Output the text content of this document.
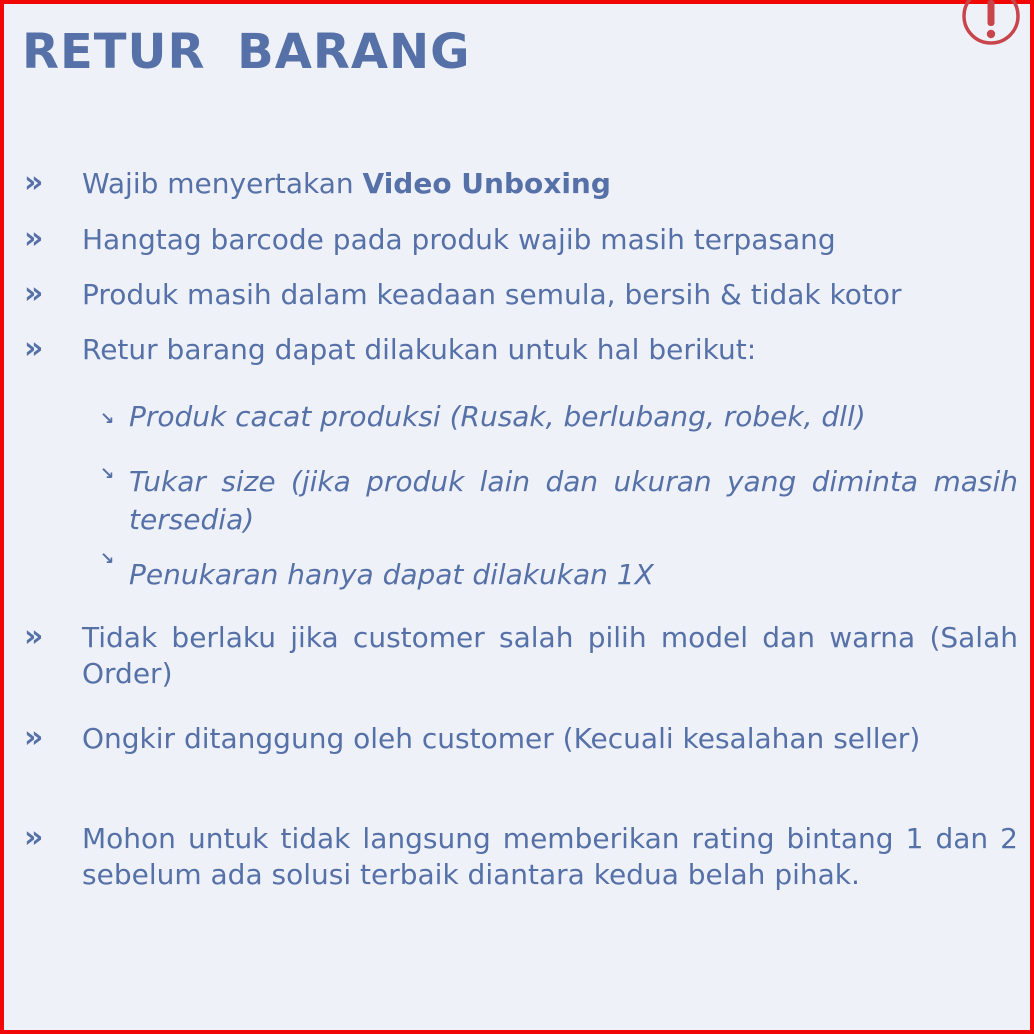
RETUR BARANG
»	Wajib menyertakan Video Unboxing
»	Hangtag barcode pada produk wajib masih terpasang
»	Produk masih dalam keadaan semula, bersih & tidak kotor
»	Retur barang dapat dilakukan untuk hal berikut:
↘ Produk cacat produksi (Rusak, berlubang, robek, dll)
↘ Tukar size (jika produk lain dan ukuran yang diminta masih tersedia)
↘ Penukaran hanya dapat dilakukan 1X
»	Tidak berlaku jika customer salah pilih model dan warna (Salah Order)
»	Ongkir ditanggung oleh customer (Kecuali kesalahan seller)
»	Mohon untuk tidak langsung memberikan rating bintang 1 dan 2 sebelum ada solusi terbaik diantara kedua belah pihak.
